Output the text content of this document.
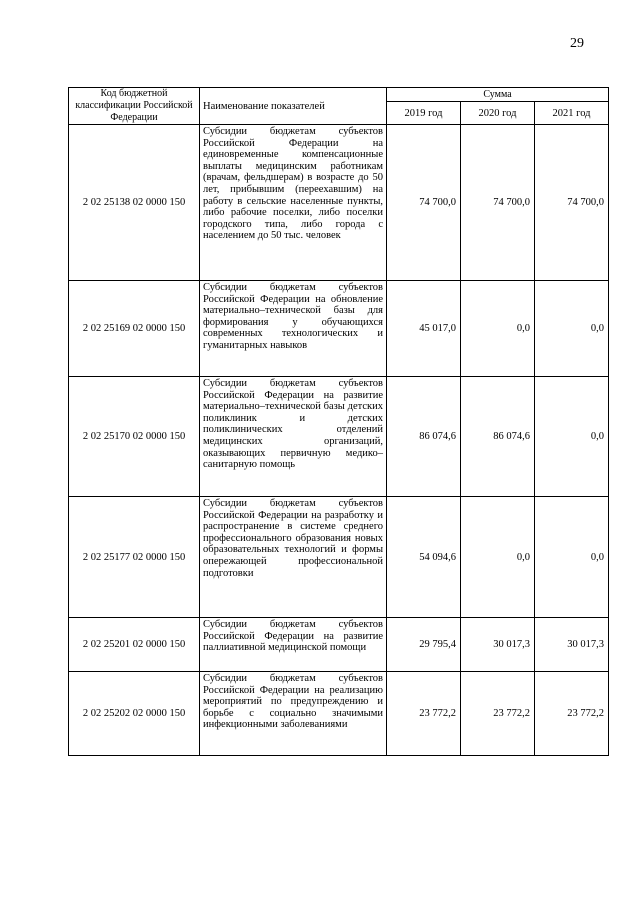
29
Код бюджетной классификации Российской Федерации	Наименование показателей	Сумма		
		2019 год	2020 год	2021 год
2 02 25138 02 0000 150	Субсидии бюджетам субъектов Российской Федерации на единовременные компенсационные выплаты медицинским работникам (врачам, фельдшерам) в возрасте до 50 лет, прибывшим (переехавшим) на работу в сельские населенные пункты, либо рабочие поселки, либо поселки городского типа, либо города с населением до 50 тыс. человек	74 700,0	74 700,0	74 700,0
2 02 25169 02 0000 150	Субсидии бюджетам субъектов Российской Федерации на обновление материально–технической базы для формирования у обучающихся современных технологических и гуманитарных навыков	45 017,0	0,0	0,0
2 02 25170 02 0000 150	Субсидии бюджетам субъектов Российской Федерации на развитие материально–технической базы детских поликлиник и детских поликлинических отделений медицинских организаций, оказывающих первичную медико–санитарную помощь	86 074,6	86 074,6	0,0
2 02 25177 02 0000 150	Субсидии бюджетам субъектов Российской Федерации на разработку и распространение в системе среднего профессионального образования новых образовательных технологий и формы опережающей профессиональной подготовки	54 094,6	0,0	0,0
2 02 25201 02 0000 150	Субсидии бюджетам субъектов Российской Федерации на развитие паллиативной медицинской помощи	29 795,4	30 017,3	30 017,3
2 02 25202 02 0000 150	Субсидии бюджетам субъектов Российской Федерации на реализацию мероприятий по предупреждению и борьбе с социально значимыми инфекционными заболеваниями	23 772,2	23 772,2	23 772,2
